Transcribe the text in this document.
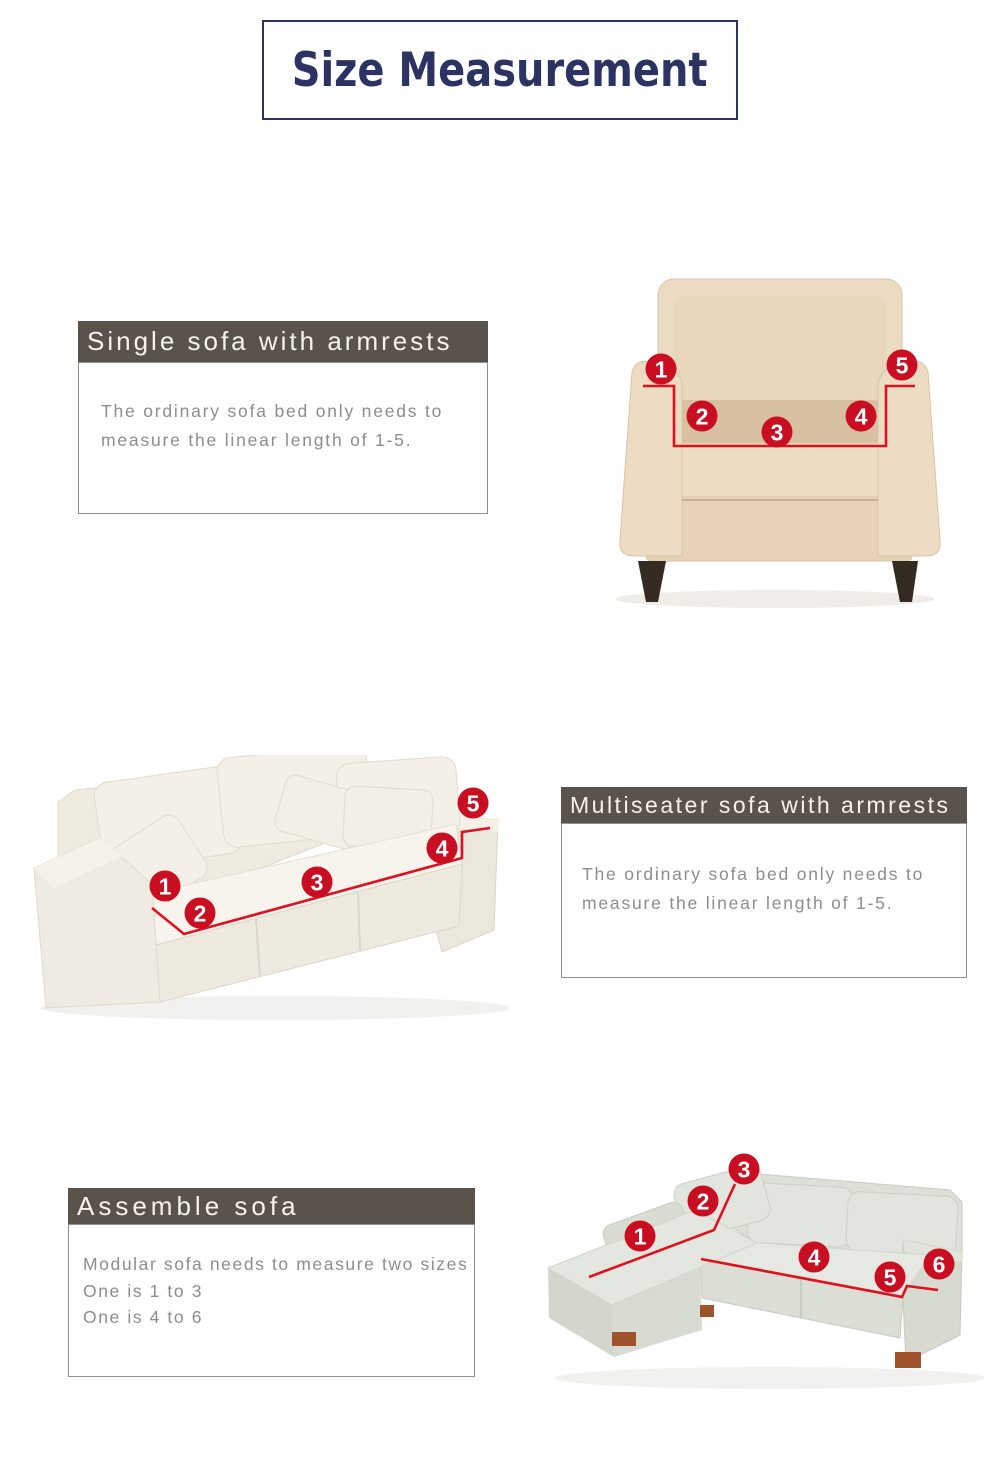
Size Measurement
Single sofa with armrests
The ordinary sofa bed only needs to
measure the linear length of 1-5.
1
2
3
4
5
Multiseater sofa with armrests
The ordinary sofa bed only needs to
measure the linear length of 1-5.
1
2
3
4
5
Assemble sofa
Modular sofa needs to measure two sizes
One is 1 to 3
One is 4 to 6
1
2
3
4
5 6
